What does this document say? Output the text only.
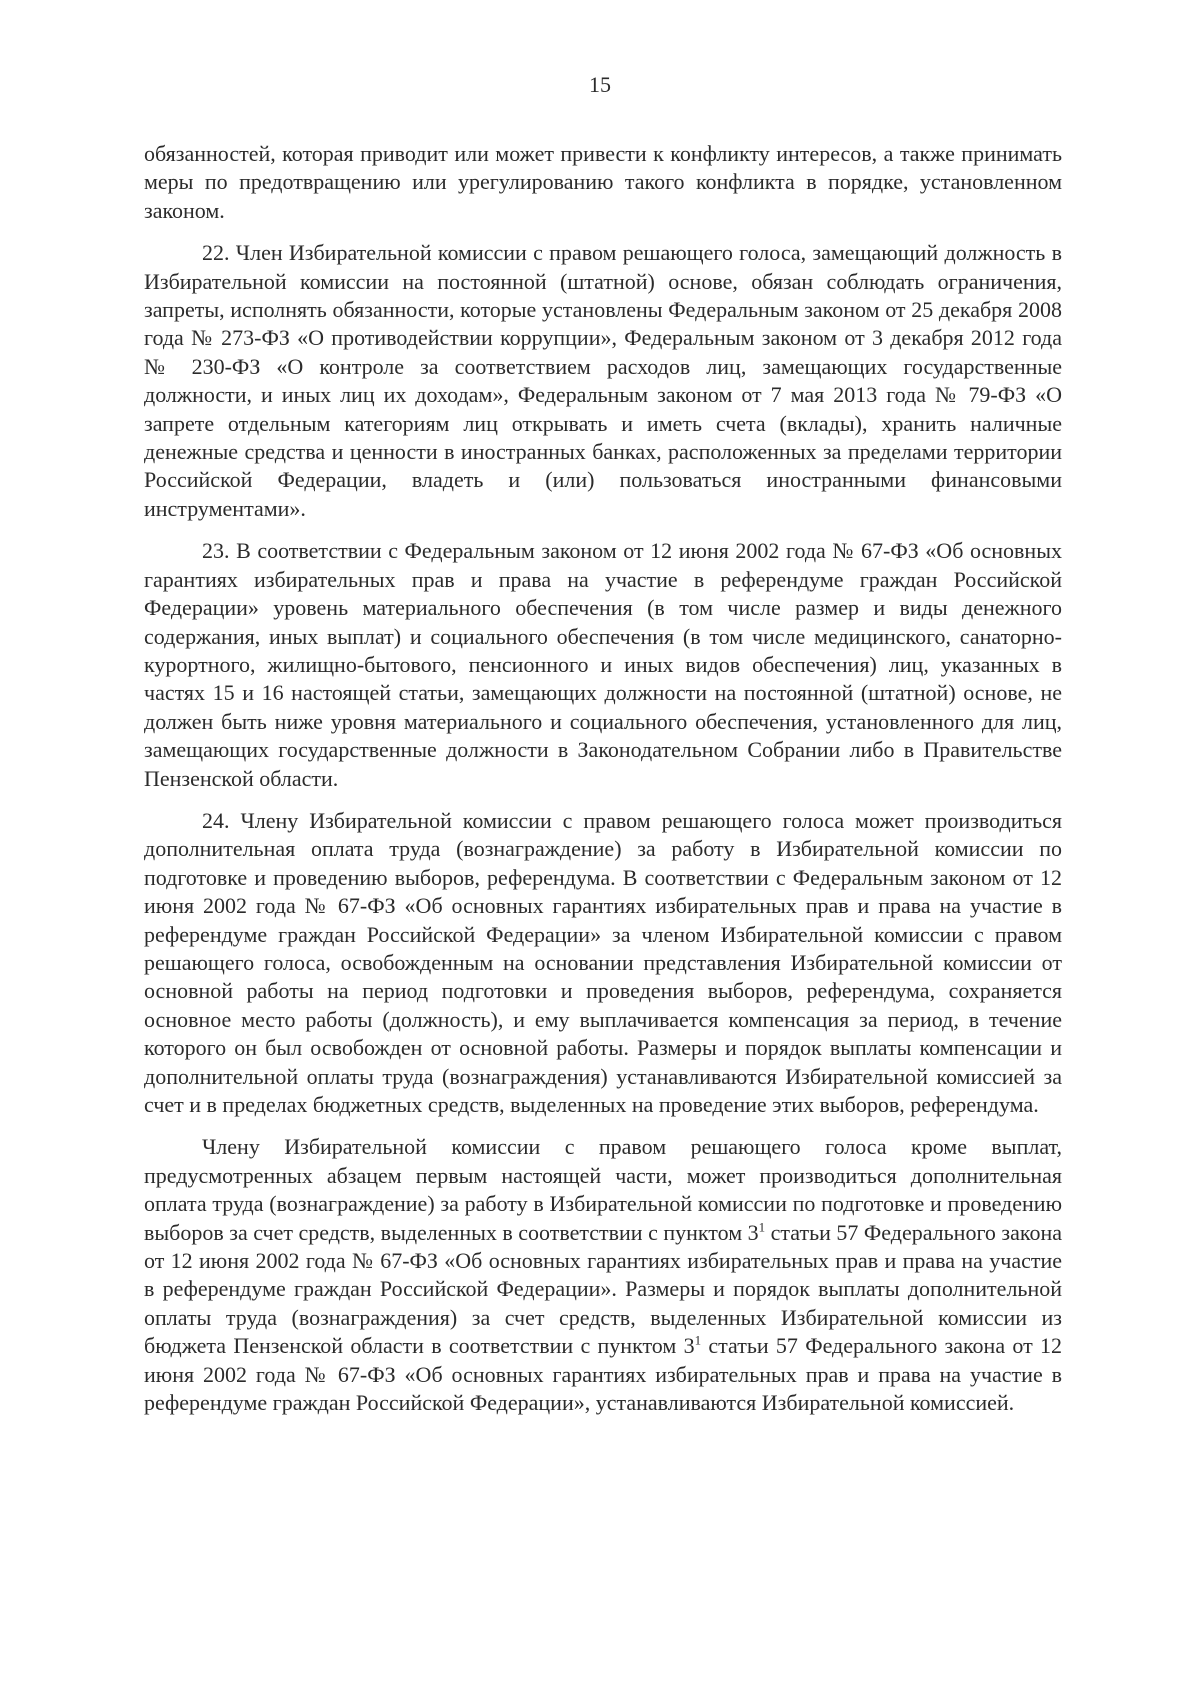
15

обязанностей, которая приводит или может привести к конфликту интересов, а также принимать меры по предотвращению или урегулированию такого конфликта в порядке, установленном законом.

22. Член Избирательной комиссии с правом решающего голоса, замещающий должность в Избирательной комиссии на постоянной (штатной) основе, обязан соблюдать ограничения, запреты, исполнять обязанности, которые установлены Федеральным законом от 25 декабря 2008 года № 273-ФЗ «О противодействии коррупции», Федеральным законом от 3 декабря 2012 года № 230-ФЗ «О контроле за соответствием расходов лиц, замещающих государственные должности, и иных лиц их доходам», Федеральным законом от 7 мая 2013 года № 79-ФЗ «О запрете отдельным категориям лиц открывать и иметь счета (вклады), хранить наличные денежные средства и ценности в иностранных банках, расположенных за пределами территории Российской Федерации, владеть и (или) пользоваться иностранными финансовыми инструментами».

23. В соответствии с Федеральным законом от 12 июня 2002 года № 67-ФЗ «Об основных гарантиях избирательных прав и права на участие в референдуме граждан Российской Федерации» уровень материального обеспечения (в том числе размер и виды денежного содержания, иных выплат) и социального обеспечения (в том числе медицинского, санаторно-курортного, жилищно-бытового, пенсионного и иных видов обеспечения) лиц, указанных в частях 15 и 16 настоящей статьи, замещающих должности на постоянной (штатной) основе, не должен быть ниже уровня материального и социального обеспечения, установленного для лиц, замещающих государственные должности в Законодательном Собрании либо в Правительстве Пензенской области.

24. Члену Избирательной комиссии с правом решающего голоса может производиться дополнительная оплата труда (вознаграждение) за работу в Избирательной комиссии по подготовке и проведению выборов, референдума. В соответствии с Федеральным законом от 12 июня 2002 года № 67-ФЗ «Об основных гарантиях избирательных прав и права на участие в референдуме граждан Российской Федерации» за членом Избирательной комиссии с правом решающего голоса, освобожденным на основании представления Избирательной комиссии от основной работы на период подготовки и проведения выборов, референдума, сохраняется основное место работы (должность), и ему выплачивается компенсация за период, в течение которого он был освобожден от основной работы. Размеры и порядок выплаты компенсации и дополнительной оплаты труда (вознаграждения) устанавливаются Избирательной комиссией за счет и в пределах бюджетных средств, выделенных на проведение этих выборов, референдума.

Члену Избирательной комиссии с правом решающего голоса кроме выплат, предусмотренных абзацем первым настоящей части, может производиться дополнительная оплата труда (вознаграждение) за работу в Избирательной комиссии по подготовке и проведению выборов за счет средств, выделенных в соответствии с пунктом $3^1$ статьи 57 Федерального закона от 12 июня 2002 года № 67-ФЗ «Об основных гарантиях избирательных прав и права на участие в референдуме граждан Российской Федерации». Размеры и порядок выплаты дополнительной оплаты труда (вознаграждения) за счет средств, выделенных Избирательной комиссии из бюджета Пензенской области в соответствии с пунктом $3^1$ статьи 57 Федерального закона от 12 июня 2002 года № 67-ФЗ «Об основных гарантиях избирательных прав и права на участие в референдуме граждан Российской Федерации», устанавливаются Избирательной комиссией.
